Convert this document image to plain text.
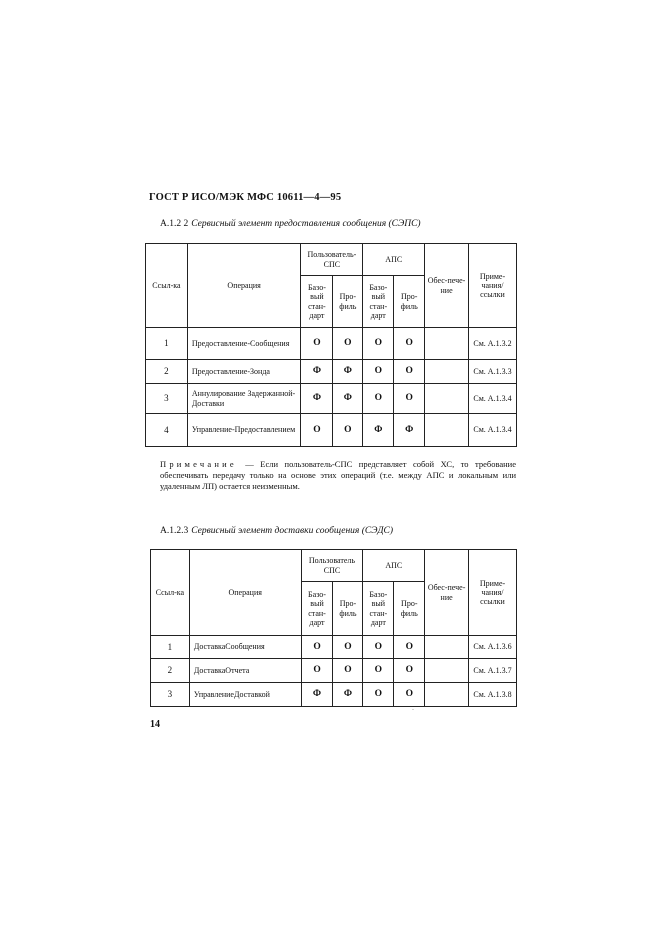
ГОСТ Р ИСО/МЭК МФС 10611—4—95
А.1.2 2 Сервисный элемент предоставления сообщения (СЭПС)
Ссыл-ка	Операция	Пользователь-СПС		АПС		Обес-пече-ние	Приме-чания/ ссылки
		Базо-вый стан-дарт	Про-филь	Базо-вый стан-дарт	Про-филь		
1	Предоставление-Сообщения	О	О	О	О		См. А.1.3.2
2	Предоставление-Зонда	Ф	Ф	О	О		См. А.1.3.3
3	Аннулирование Задержанной-Доставки	Ф	Ф	О	О		См. А.1.3.4
4	Управление-Предоставлением	О	О	Ф	Ф		См. А.1.3.4
Примечание — Если пользователь-СПС представляет собой ХС, то требование обеспечивать передачу только на основе этих операций (т.е. между АПС и локальным или удаленным ЛП) остается неизменным.
А.1.2.3 Сервисный элемент доставки сообщения (СЭДС)
Ссыл-ка	Операция	Пользователь СПС		АПС		Обес-пече-ние	Приме-чания/ ссылки
		Базо-вый стан-дарт	Про-филь	Базо-вый стан-дарт	Про-филь		
1	ДоставкаСообщения	О	О	О	О		См. А.1.3.6
2	ДоставкаОтчета	О	О	О	О		См. А.1.3.7
3	УправлениеДоставкой	Ф	Ф	О	О		См. А.1.3.8
-
14
